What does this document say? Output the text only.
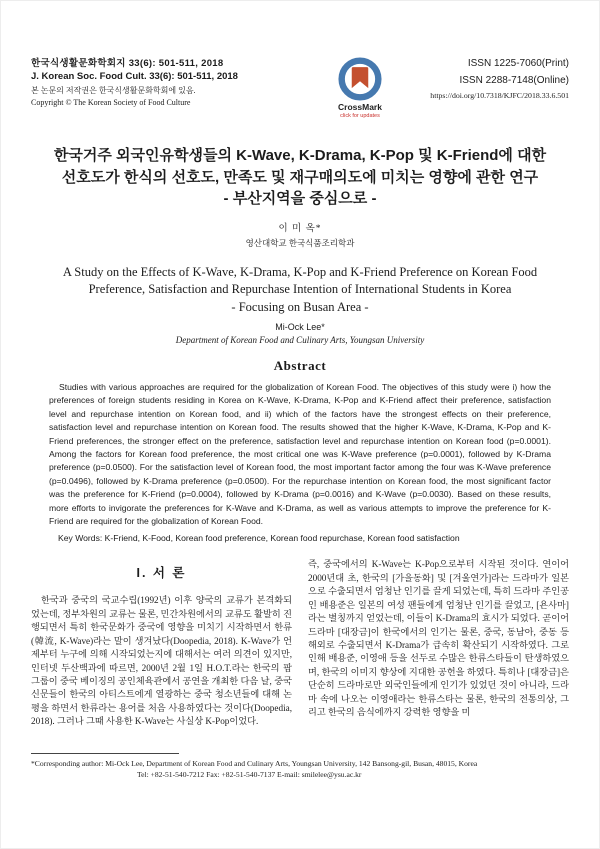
한국식생활문화학회지 33(6): 501-511, 2018
J. Korean Soc. Food Cult. 33(6): 501-511, 2018
본 논문의 저작권은 한국식생활문화학회에 있음.
Copyright © The Korean Society of Food Culture	CrossMark
click for updates
ISSN 1225-7060(Print)
ISSN 2288-7148(Online)
https://doi.org/10.7318/KJFC/2018.33.6.501
한국거주 외국인유학생들의 K-Wave, K-Drama, K-Pop 및 K-Friend에 대한
선호도가 한식의 선호도, 만족도 및 재구매의도에 미치는 영향에 관한 연구
- 부산지역을 중심으로 -
이 미 옥*
영산대학교 한국식품조리학과
A Study on the Effects of K-Wave, K-Drama, K-Pop and K-Friend Preference on Korean Food
Preference, Satisfaction and Repurchase Intention of International Students in Korea
- Focusing on Busan Area -
Mi-Ock Lee*
Department of Korean Food and Culinary Arts, Youngsan University
Abstract
Studies with various approaches are required for the globalization of Korean Food. The objectives of this study were i) how the preferences of foreign students residing in Korea on K-Wave, K-Drama, K-Pop and K-Friend affect their preference, satisfaction level and repurchase intention on Korean food, and ii) which of the factors have the strongest effects on their preference, satisfaction level and repurchase intention on Korean food. The results showed that the higher K-Wave, K-Drama, K-Pop and K-Friend preferences, the stronger effect on the preference, satisfaction level and repurchase intention on Korean food (p=0.0001). Among the factors for Korean food preference, the most critical one was K-Wave preference (p=0.0001), followed by K-Drama preference (p=0.0500). For the satisfaction level of Korean food, the most important factor among the four was K-Wave preference (p=0.0496), followed by K-Drama preference (p=0.0500). For the repurchase intention on Korean food, the most significant factor was the preference for K-Friend (p=0.0004), followed by K-Drama (p=0.0016) and K-Wave (p=0.0030). Based on these results, more efforts to invigorate the preferences for K-Wave and K-Drama, as well as various attempts to improve the preference for K-Friend are required for the globalization of Korean Food.
Key Words: K-Friend, K-Food, Korean food preference, Korean food repurchase, Korean food satisfaction
I. 서 론
한국과 중국의 국교수립(1992년) 이후 양국의 교류가 본격화되었는데, 정부차원의 교류는 물론, 민간차원에서의 교류도 활발히 진행되면서 특히 한국문화가 중국에 영향을 미치기 시작하면서 한류(韓流, K-Wave)라는 말이 생겨났다(Doopedia, 2018). K-Wave가 언제부터 누구에 의해 시작되었는지에 대해서는 여러 의견이 있지만, 인터넷 두산백과에 따르면, 2000년 2월 1일 H.O.T.라는 한국의 팝 그룹이 중국 베이징의 공인체육관에서 공연을 개최한 다음 날, 중국 신문들이 한국의 아티스트에게 열광하는 중국 청소년들에 대해 논평을 하면서 한류라는 용어를 처음 사용하였다는 것이다(Doopedia, 2018). 그러나 그때 사용한 K-Wave는 사실상 K-Pop이었다.
즉, 중국에서의 K-Wave는 K-Pop으로부터 시작된 것이다. 연이어 2000년대 초, 한국의 [가을동화] 및 [겨울연가]라는 드라마가 일본으로 수출되면서 엄청난 인기를 끌게 되었는데, 특히 드라마 주인공인 배용준은 일본의 여성 팬들에게 엄청난 인기를 끌었고, [욘사마]라는 별칭까지 얻었는데, 이들이 K-Drama의 효시가 되었다. 곧이어 드라마 [대장금]이 한국에서의 인기는 물론, 중국, 동남아, 중동 등 해외로 수출되면서 K-Drama가 급속히 확산되기 시작하였다. 그로 인해 배용준, 이영애 등을 선두로 수많은 한류스타들이 탄생하였으며, 한국의 이미지 향상에 지대한 공헌을 하였다. 특히나 [대장금]은 단순히 드라마로만 외국인들에게 인기가 있었던 것이 아니라, 드라마 속에 나오는 이영애라는 한류스타는 물론, 한국의 전통의상, 그리고 한국의 음식에까지 강력한 영향을 미
*Corresponding author: Mi-Ock Lee, Department of Korean Food and Culinary Arts, Youngsan University, 142 Bansong-gil, Busan, 48015, Korea
Tel: +82-51-540-7212 Fax: +82-51-540-7137 E-mail: smilelee@ysu.ac.kr
